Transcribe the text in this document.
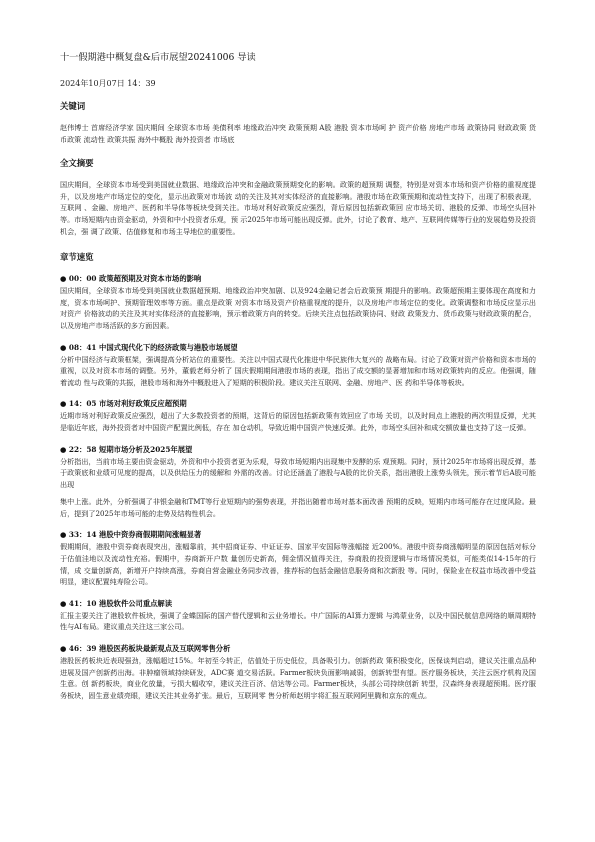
十一假期港中概复盘&后市展望20241006 导读
2024年10月07日 14：39
关键词
赵伟博士 首席经济学家 国庆期间 全球资本市场 美债利率 地缘政治冲突 政策预期 A股 港股 资本市场呵 护 资产价格 房地产市场 政策协同 财政政策 货币政策 流动性 政策共振 海外中概股 海外投资者 市场底
全文摘要
国庆期间，全球资本市场受到美国就业数据、地缘政治冲突和金融政策预期变化的影响。政策的超预期 调整，特别是对资本市场和资产价格的重视度提升，以及房地产市场定位的变化，显示出政策对市场波 动的关注及其对实体经济的直接影响。港股市场在政策预期和流动性支持下，出现了积极表现，互联网 、金融、房地产、医药和半导体等板块受到关注。市场对利好政策反应强烈，背后原因包括新政策回 应市场关切、港股的反弹、市场空头回补等。市场短期内由资金驱动，外资和中小投资者乐观，预 示2025年市场可能出现反弹。此外，讨论了教育、地产、互联网传媒等行业的发展趋势及投资机会，强 调了政策、估值修复和市场主导地位的重要性。
章节速览
● 00：00 政策超预期及对资本市场的影响
国庆期间，全球资本市场受到美国就业数据超预期、地缘政治冲突加剧、以及924金融记者会后政策预 期提升的影响。政策超预期主要体现在高度和力度，资本市场呵护、预期管理效率等方面。重点是政策 对资本市场及资产价格重视度的提升，以及房地产市场定位的变化。政策调整和市场反应显示出对资产 价格波动的关注及其对实体经济的直接影响，预示着政策方向的转变。后续关注点包括政策协同、财政 政策发力、货币政策与财政政策的配合，以及房地产市场活跃的多方面因素。
● 08：41 中国式现代化下的经济政策与港股市场展望
分析中国经济与政策框架，强调提高分析站位的重要性。关注以中国式现代化推进中华民族伟大复兴的 战略布局。讨论了政策对资产价格和资本市场的重视，以及对资本市场的调整。另外，董毅老师分析了 国庆假期期间港股市场的表现，指出了成交额的显著增加和市场对政策转向的反应。他强调，随着流动 性与政策的共振，港股市场和海外中概股进入了短期的积极阶段。建议关注互联网、金融、房地产、医 药和半导体等板块。
● 14：05 市场对利好政策反应超预期
近期市场对利好政策反应强烈，超出了大多数投资者的预期，这背后的原因包括新政策有效回应了市场 关切，以及时间点上港股的两次明显反弹，尤其是临近年底，海外投资者对中国资产配置比例低，存在 加仓动机，导致近期中国资产快速反弹。此外，市场空头回补和成交额放量也支持了这一反弹。
● 22：58 短期市场分析及2025年展望
分析指出，当前市场主要由资金驱动，外资和中小投资者更为乐观，导致市场短期内出现集中发酵的乐 观预期。同时，预计2025年市场将出现反弹，基于政策底和业绩可见度的提高，以及供给压力的缓解和 外需的改善。讨论还涵盖了港股与A股的比价关系，指出港股上涨势头领先，预示着节后A股可能出现
集中上涨。此外，分析强调了非银金融和TMT等行业短期内的强势表现，并指出随着市场对基本面改善 预期的反映，短期内市场可能存在过度风险。最后，提到了2025年市场可能的走势及结构性机会。
● 33：14 港股中资券商假期期间涨幅显著
假期期间，港股中资券商表现突出，涨幅靠前，其中招商证券、中证证券、国家平安国际等涨幅接 近200%。港股中资券商涨幅明显的原因包括对标分于估值洼地以及流动性充裕。假期中，券商新开户数 量创历史新高，佣金情况值得关注，券商股的投资逻辑与市场情况类似，可能类似14-15年的行情，成 交量创新高，新增开户持续高涨，券商自营金融业务同步改善，推荐标的包括金融信息服务商和次新股 等。同时，保险业在权益市场改善中受益明显，建议配置纯寿险公司。
● 41：10 港股软件公司重点解读
汇报主要关注了港股软件板块，强调了金蝶国际的国产替代逻辑和云业务增长。中广国际的AI算力逻辑 与鸿蒙业务，以及中国民航信息网络的顺周期特性与AI布局。建议重点关注这三家公司。
● 46：39 港股医药板块最新观点及互联网零售分析
港股医药板块近表现强劲，涨幅超过15%。年初至今转正，估值处于历史低位，具备吸引力。创新药政 策积极变化，医保谈判启动，建议关注重点品种进展及国产创新药出海。非肿瘤领域持续研发，ADC赛 道交易活跃。Farmer板块负面影响减弱，创新转型有望。医疗服务板块，关注云医疗机构及国生意。创 新药板块，商业化放量，亏损大幅收窄，建议关注百济、信达等公司。Farmer板块，头部公司持续创新 转型，汉森终身表现超预期。医疗服务板块，固生意业绩亮眼，建议关注其业务扩张。最后，互联网零 售分析师赵明宇将汇报互联网阿里腾和京东的观点。
